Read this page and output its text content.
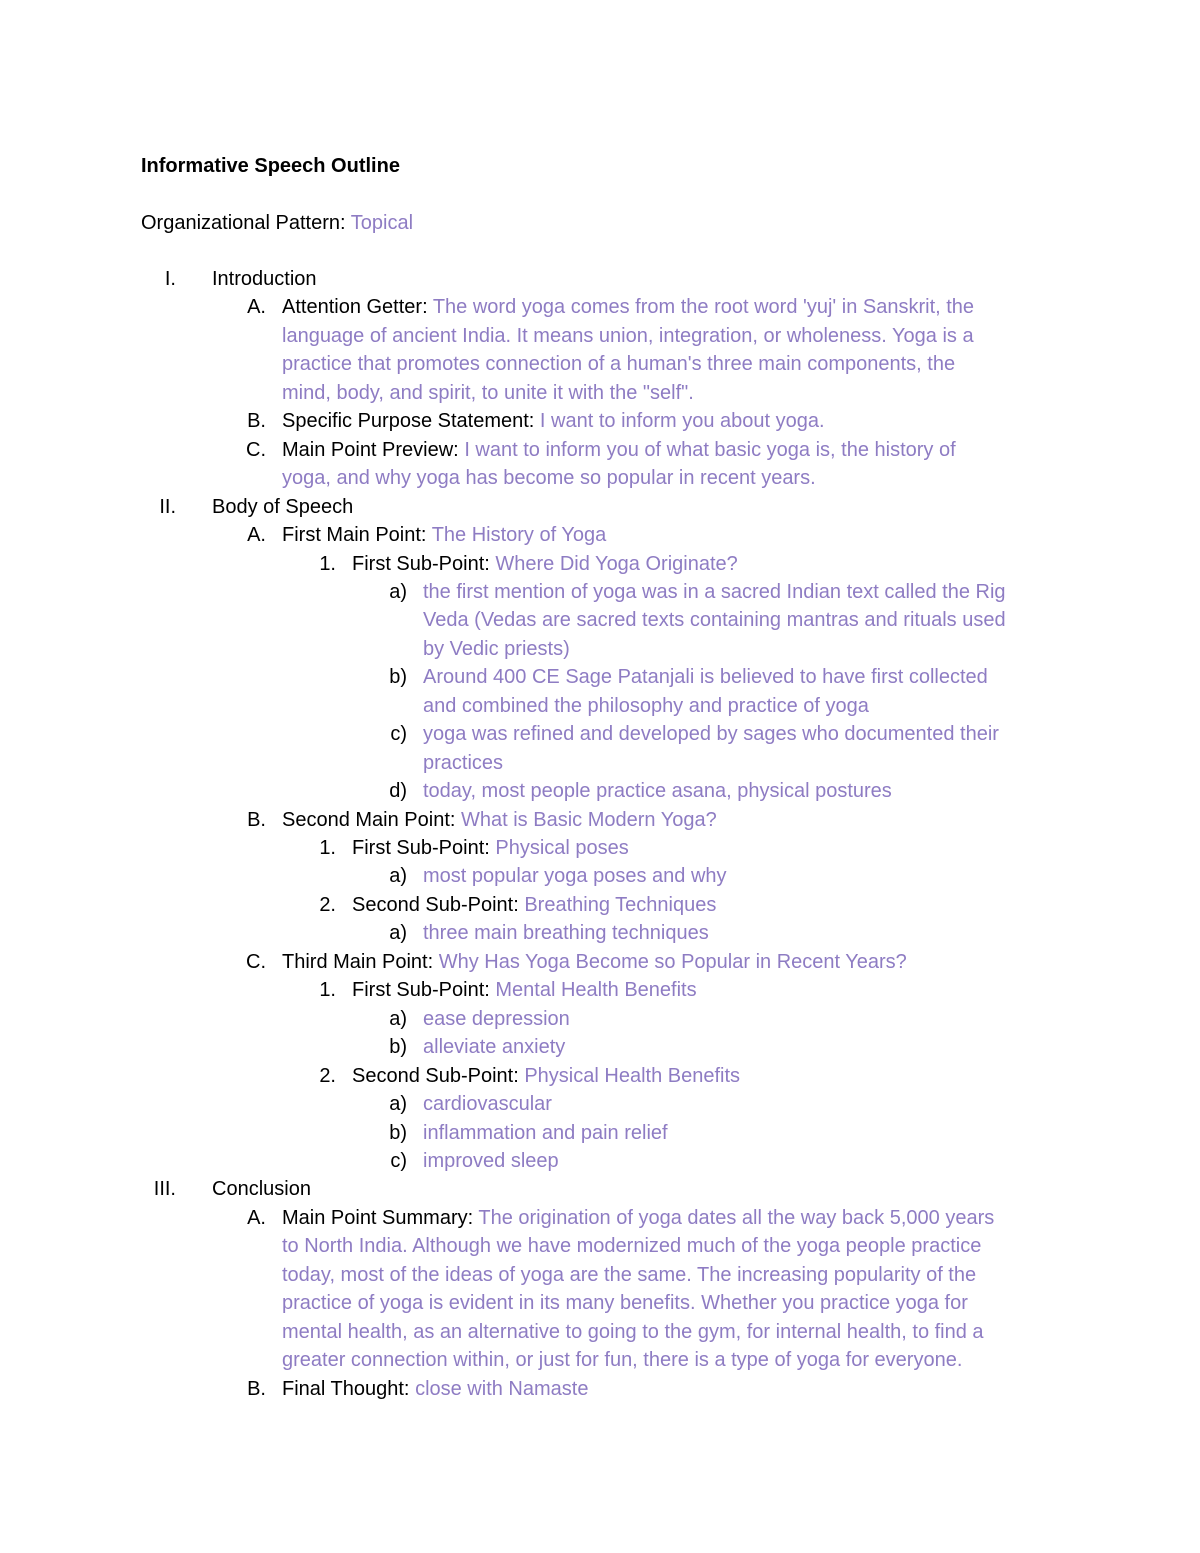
Informative Speech Outline
Organizational Pattern: Topical
I. Introduction
A. Attention Getter: The word yoga comes from the root word 'yuj' in Sanskrit, the
language of ancient India. It means union, integration, or wholeness. Yoga is a
practice that promotes connection of a human's three main components, the
mind, body, and spirit, to unite it with the "self".
B. Specific Purpose Statement: I want to inform you about yoga.
C. Main Point Preview: I want to inform you of what basic yoga is, the history of
yoga, and why yoga has become so popular in recent years.
II. Body of Speech
A. First Main Point: The History of Yoga
1. First Sub-Point: Where Did Yoga Originate?
a) the first mention of yoga was in a sacred Indian text called the Rig
Veda (Vedas are sacred texts containing mantras and rituals used
by Vedic priests)
b) Around 400 CE Sage Patanjali is believed to have first collected
and combined the philosophy and practice of yoga
c) yoga was refined and developed by sages who documented their
practices
d) today, most people practice asana, physical postures
B. Second Main Point: What is Basic Modern Yoga?
1. First Sub-Point: Physical poses
a) most popular yoga poses and why
2. Second Sub-Point: Breathing Techniques
a) three main breathing techniques
C. Third Main Point: Why Has Yoga Become so Popular in Recent Years?
1. First Sub-Point: Mental Health Benefits
a) ease depression
b) alleviate anxiety
2. Second Sub-Point: Physical Health Benefits
a) cardiovascular
b) inflammation and pain relief
c) improved sleep
III. Conclusion
A. Main Point Summary: The origination of yoga dates all the way back 5,000 years
to North India. Although we have modernized much of the yoga people practice
today, most of the ideas of yoga are the same. The increasing popularity of the
practice of yoga is evident in its many benefits. Whether you practice yoga for
mental health, as an alternative to going to the gym, for internal health, to find a
greater connection within, or just for fun, there is a type of yoga for everyone.
B. Final Thought: close with Namaste
